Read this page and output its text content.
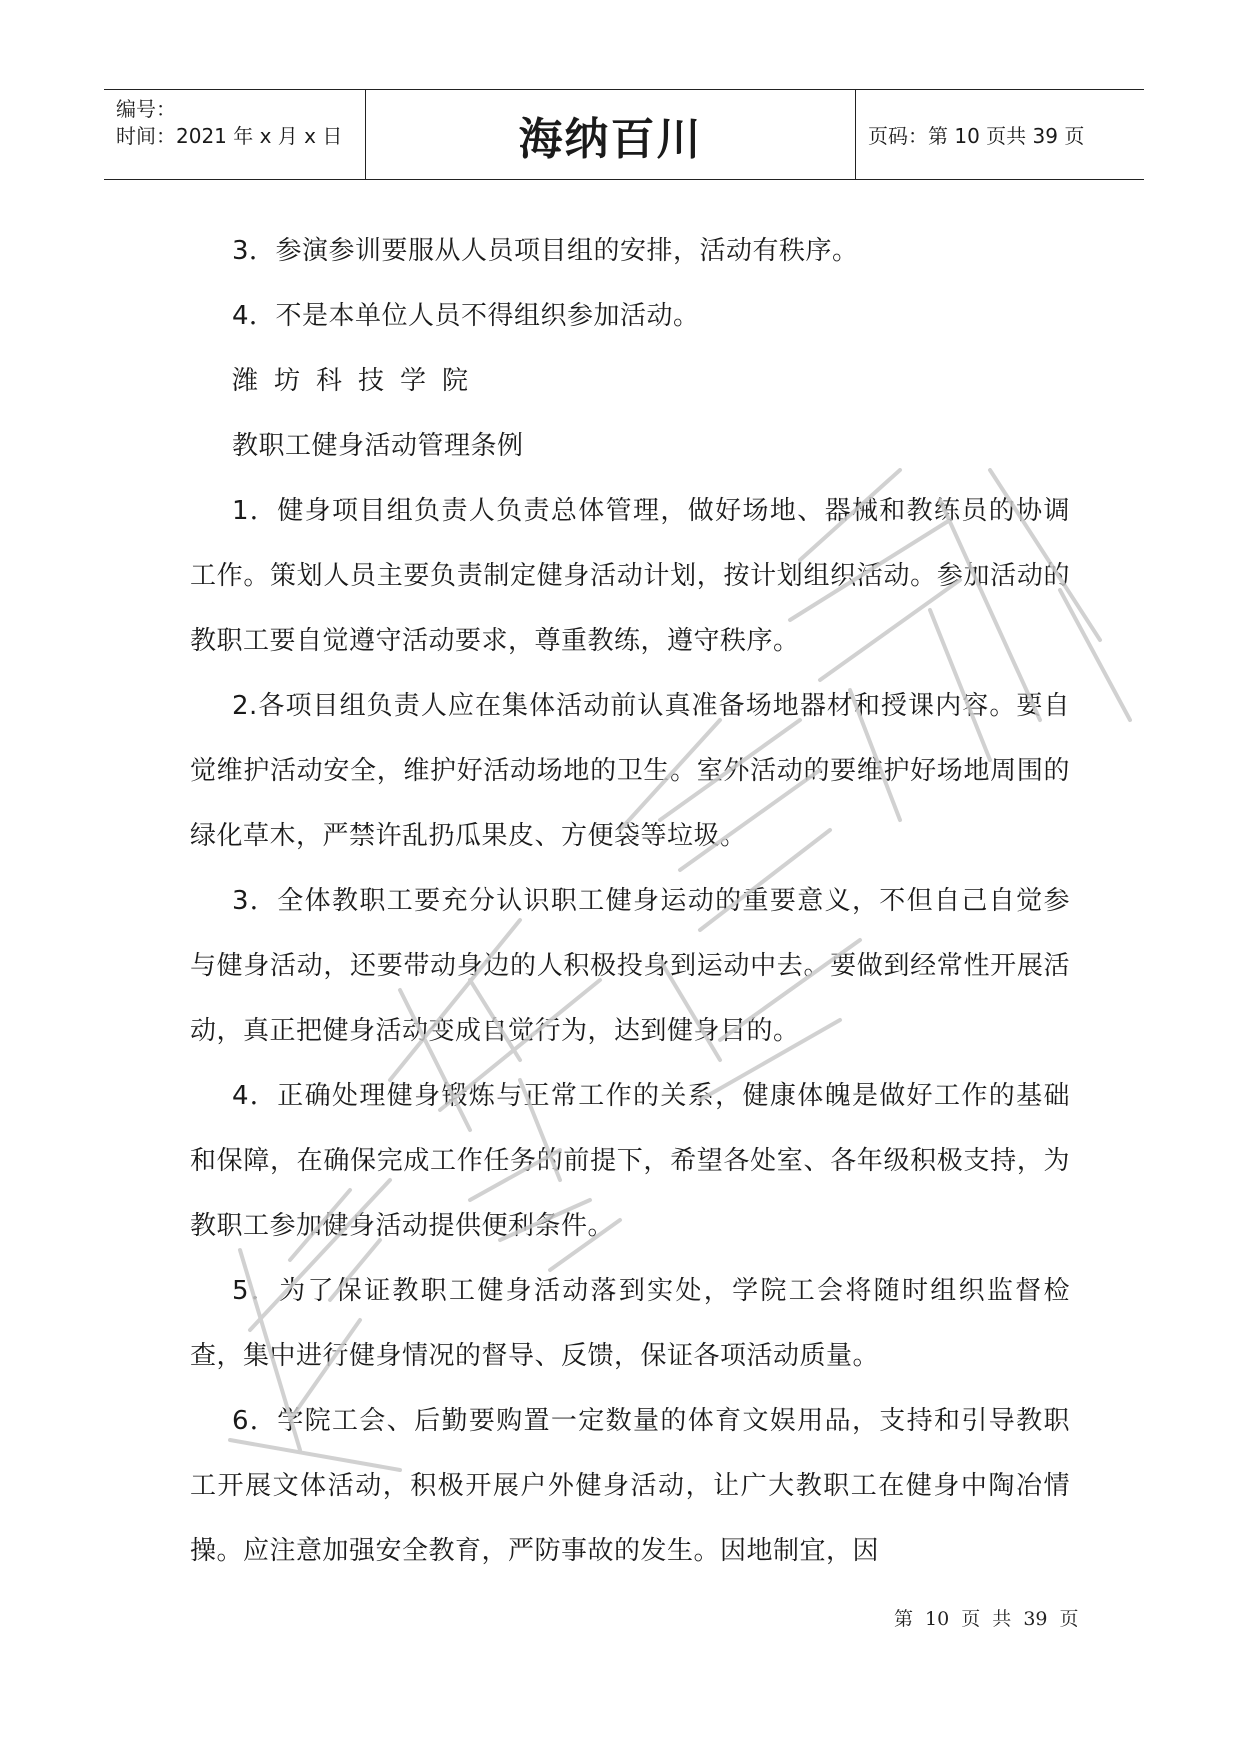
编号：
时间：2021 年 x 月 x 日	海纳百川	页码：第 10 页共 39 页

3．参演参训要服从人员项目组的安排，活动有秩序。

4．不是本单位人员不得组织参加活动。

潍坊科技学院

教职工健身活动管理条例

1．健身项目组负责人负责总体管理，做好场地、器械和教练员的协调工作。策划人员主要负责制定健身活动计划，按计划组织活动。参加活动的教职工要自觉遵守活动要求，尊重教练，遵守秩序。

2.各项目组负责人应在集体活动前认真准备场地器材和授课内容。要自觉维护活动安全，维护好活动场地的卫生。室外活动的要维护好场地周围的绿化草木，严禁许乱扔瓜果皮、方便袋等垃圾。

3．全体教职工要充分认识职工健身运动的重要意义，不但自己自觉参与健身活动，还要带动身边的人积极投身到运动中去。要做到经常性开展活动，真正把健身活动变成自觉行为，达到健身目的。

4．正确处理健身锻炼与正常工作的关系，健康体魄是做好工作的基础和保障，在确保完成工作任务的前提下，希望各处室、各年级积极支持，为教职工参加健身活动提供便利条件。

5．为了保证教职工健身活动落到实处，学院工会将随时组织监督检查，集中进行健身情况的督导、反馈，保证各项活动质量。

6．学院工会、后勤要购置一定数量的体育文娱用品，支持和引导教职工开展文体活动，积极开展户外健身活动，让广大教职工在健身中陶冶情操。应注意加强安全教育，严防事故的发生。因地制宜，因

第 10 页 共 39 页
